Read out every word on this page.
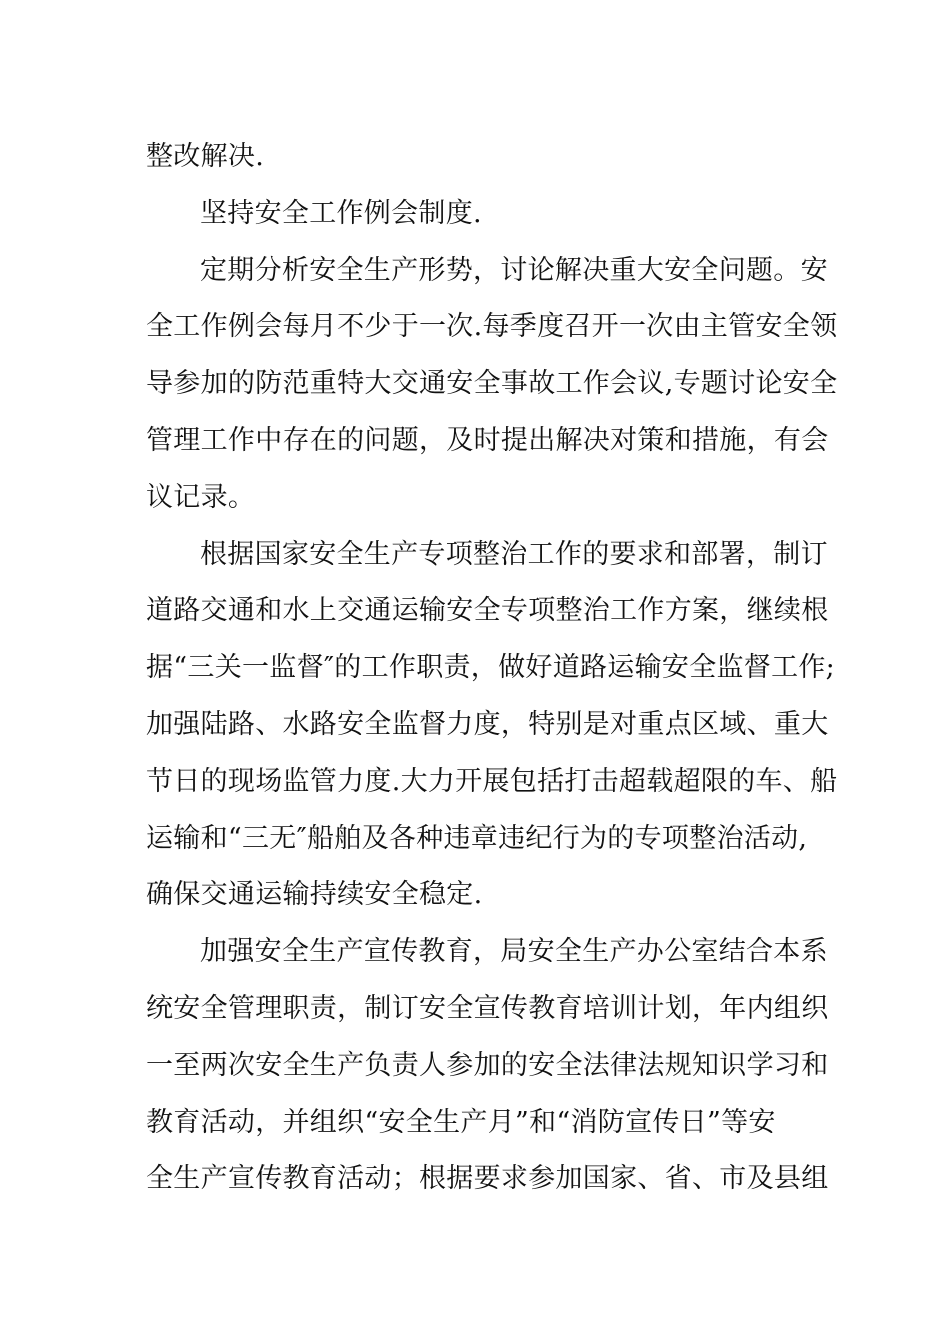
整改解决.
坚持安全工作例会制度.
定期分析安全生产形势，讨论解决重大安全问题。安
全工作例会每月不少于一次.每季度召开一次由主管安全领
导参加的防范重特大交通安全事故工作会议,专题讨论安全
管理工作中存在的问题，及时提出解决对策和措施，有会
议记录。
根据国家安全生产专项整治工作的要求和部署，制订
道路交通和水上交通运输安全专项整治工作方案，继续根
据“三关一监督″的工作职责，做好道路运输安全监督工作;
加强陆路、水路安全监督力度，特别是对重点区域、重大
节日的现场监管力度.大力开展包括打击超载超限的车、船
运输和“三无″船舶及各种违章违纪行为的专项整治活动,
确保交通运输持续安全稳定.
加强安全生产宣传教育，局安全生产办公室结合本系
统安全管理职责，制订安全宣传教育培训计划，年内组织
一至两次安全生产负责人参加的安全法律法规知识学习和
教育活动，并组织“安全生产月”和“消防宣传日”等安
全生产宣传教育活动；根据要求参加国家、省、市及县组
